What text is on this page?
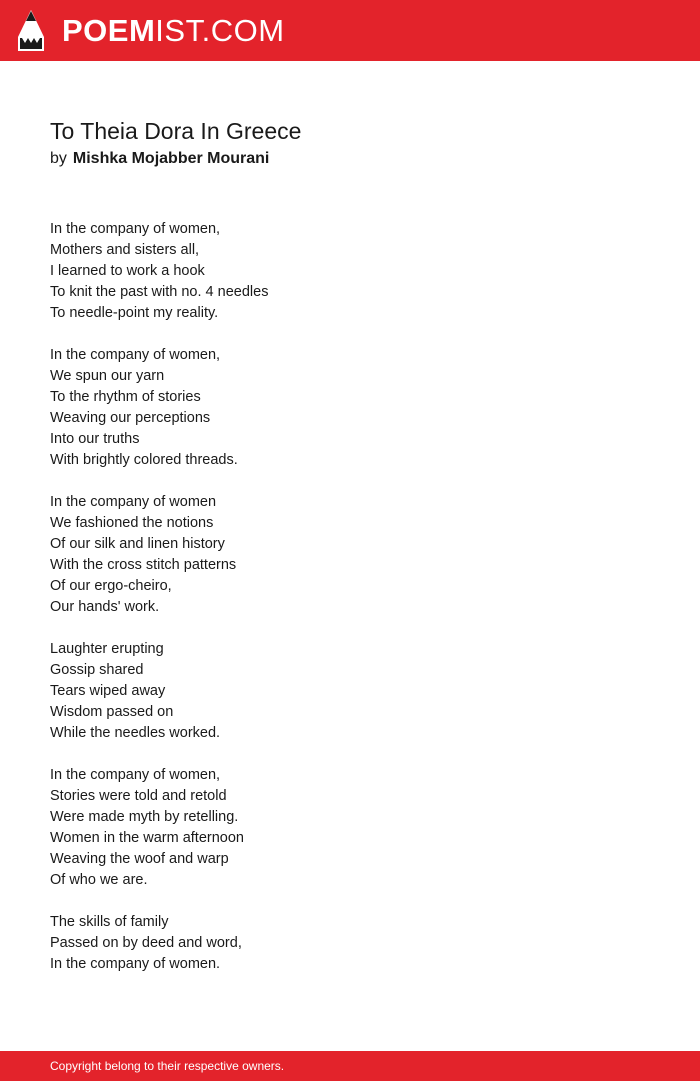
POEMIST.COM
To Theia Dora In Greece
by Mishka Mojabber Mourani
In the company of women,
Mothers and sisters all,
I learned to work a hook
To knit the past with no. 4 needles
To needle-point my reality.
In the company of women,
We spun our yarn
To the rhythm of stories
Weaving our perceptions
Into our truths
With brightly colored threads.
In the company of women
We fashioned the notions
Of our silk and linen history
With the cross stitch patterns
Of our ergo-cheiro,
Our hands' work.
Laughter erupting
Gossip shared
Tears wiped away
Wisdom passed on
While the needles worked.
In the company of women,
Stories were told and retold
Were made myth by retelling.
Women in the warm afternoon
Weaving the woof and warp
Of who we are.
The skills of family
Passed on by deed and word,
In the company of women.
Copyright belong to their respective owners.
